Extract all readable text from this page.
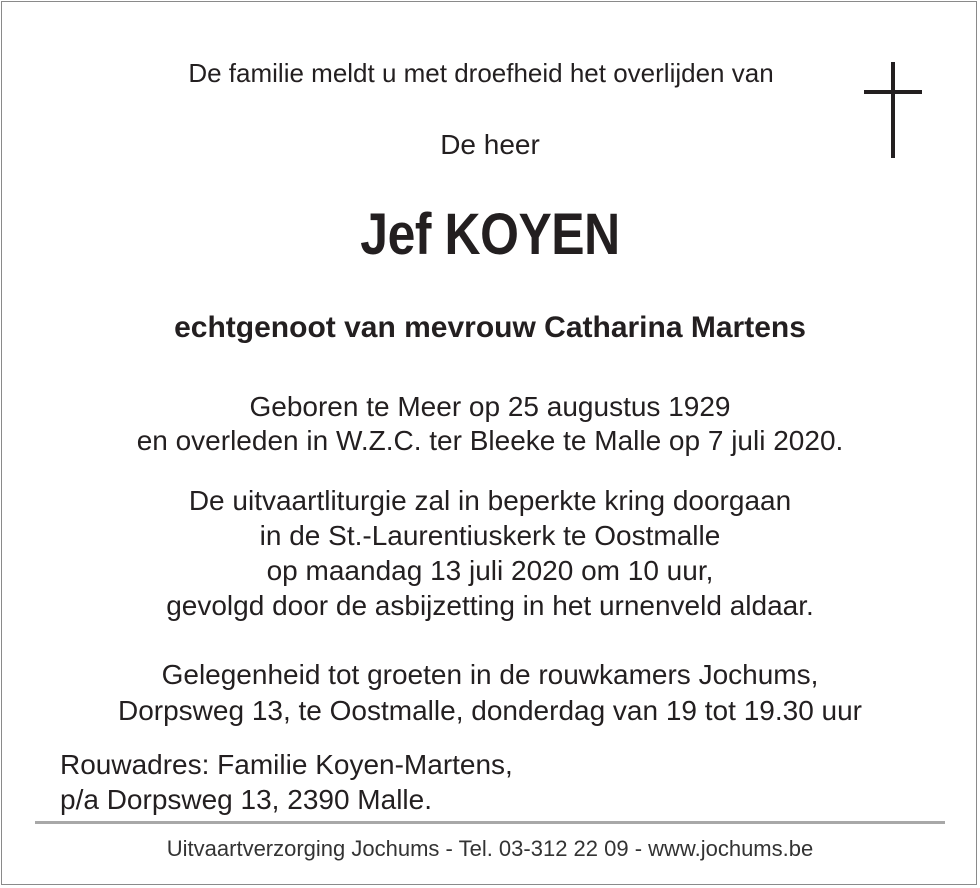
De familie meldt u met droefheid het overlijden van
De heer
Jef KOYEN
echtgenoot van mevrouw Catharina Martens
Geboren te Meer op 25 augustus 1929
en overleden in W.Z.C. ter Bleeke te Malle op 7 juli 2020.
De uitvaartliturgie zal in beperkte kring doorgaan
in de St.-Laurentiuskerk te Oostmalle
op maandag 13 juli 2020 om 10 uur,
gevolgd door de asbijzetting in het urnenveld aldaar.
Gelegenheid tot groeten in de rouwkamers Jochums,
Dorpsweg 13, te Oostmalle, donderdag van 19 tot 19.30 uur
Rouwadres: Familie Koyen-Martens,
p/a Dorpsweg 13, 2390 Malle.
Uitvaartverzorging Jochums - Tel. 03-312 22 09 - www.jochums.be
